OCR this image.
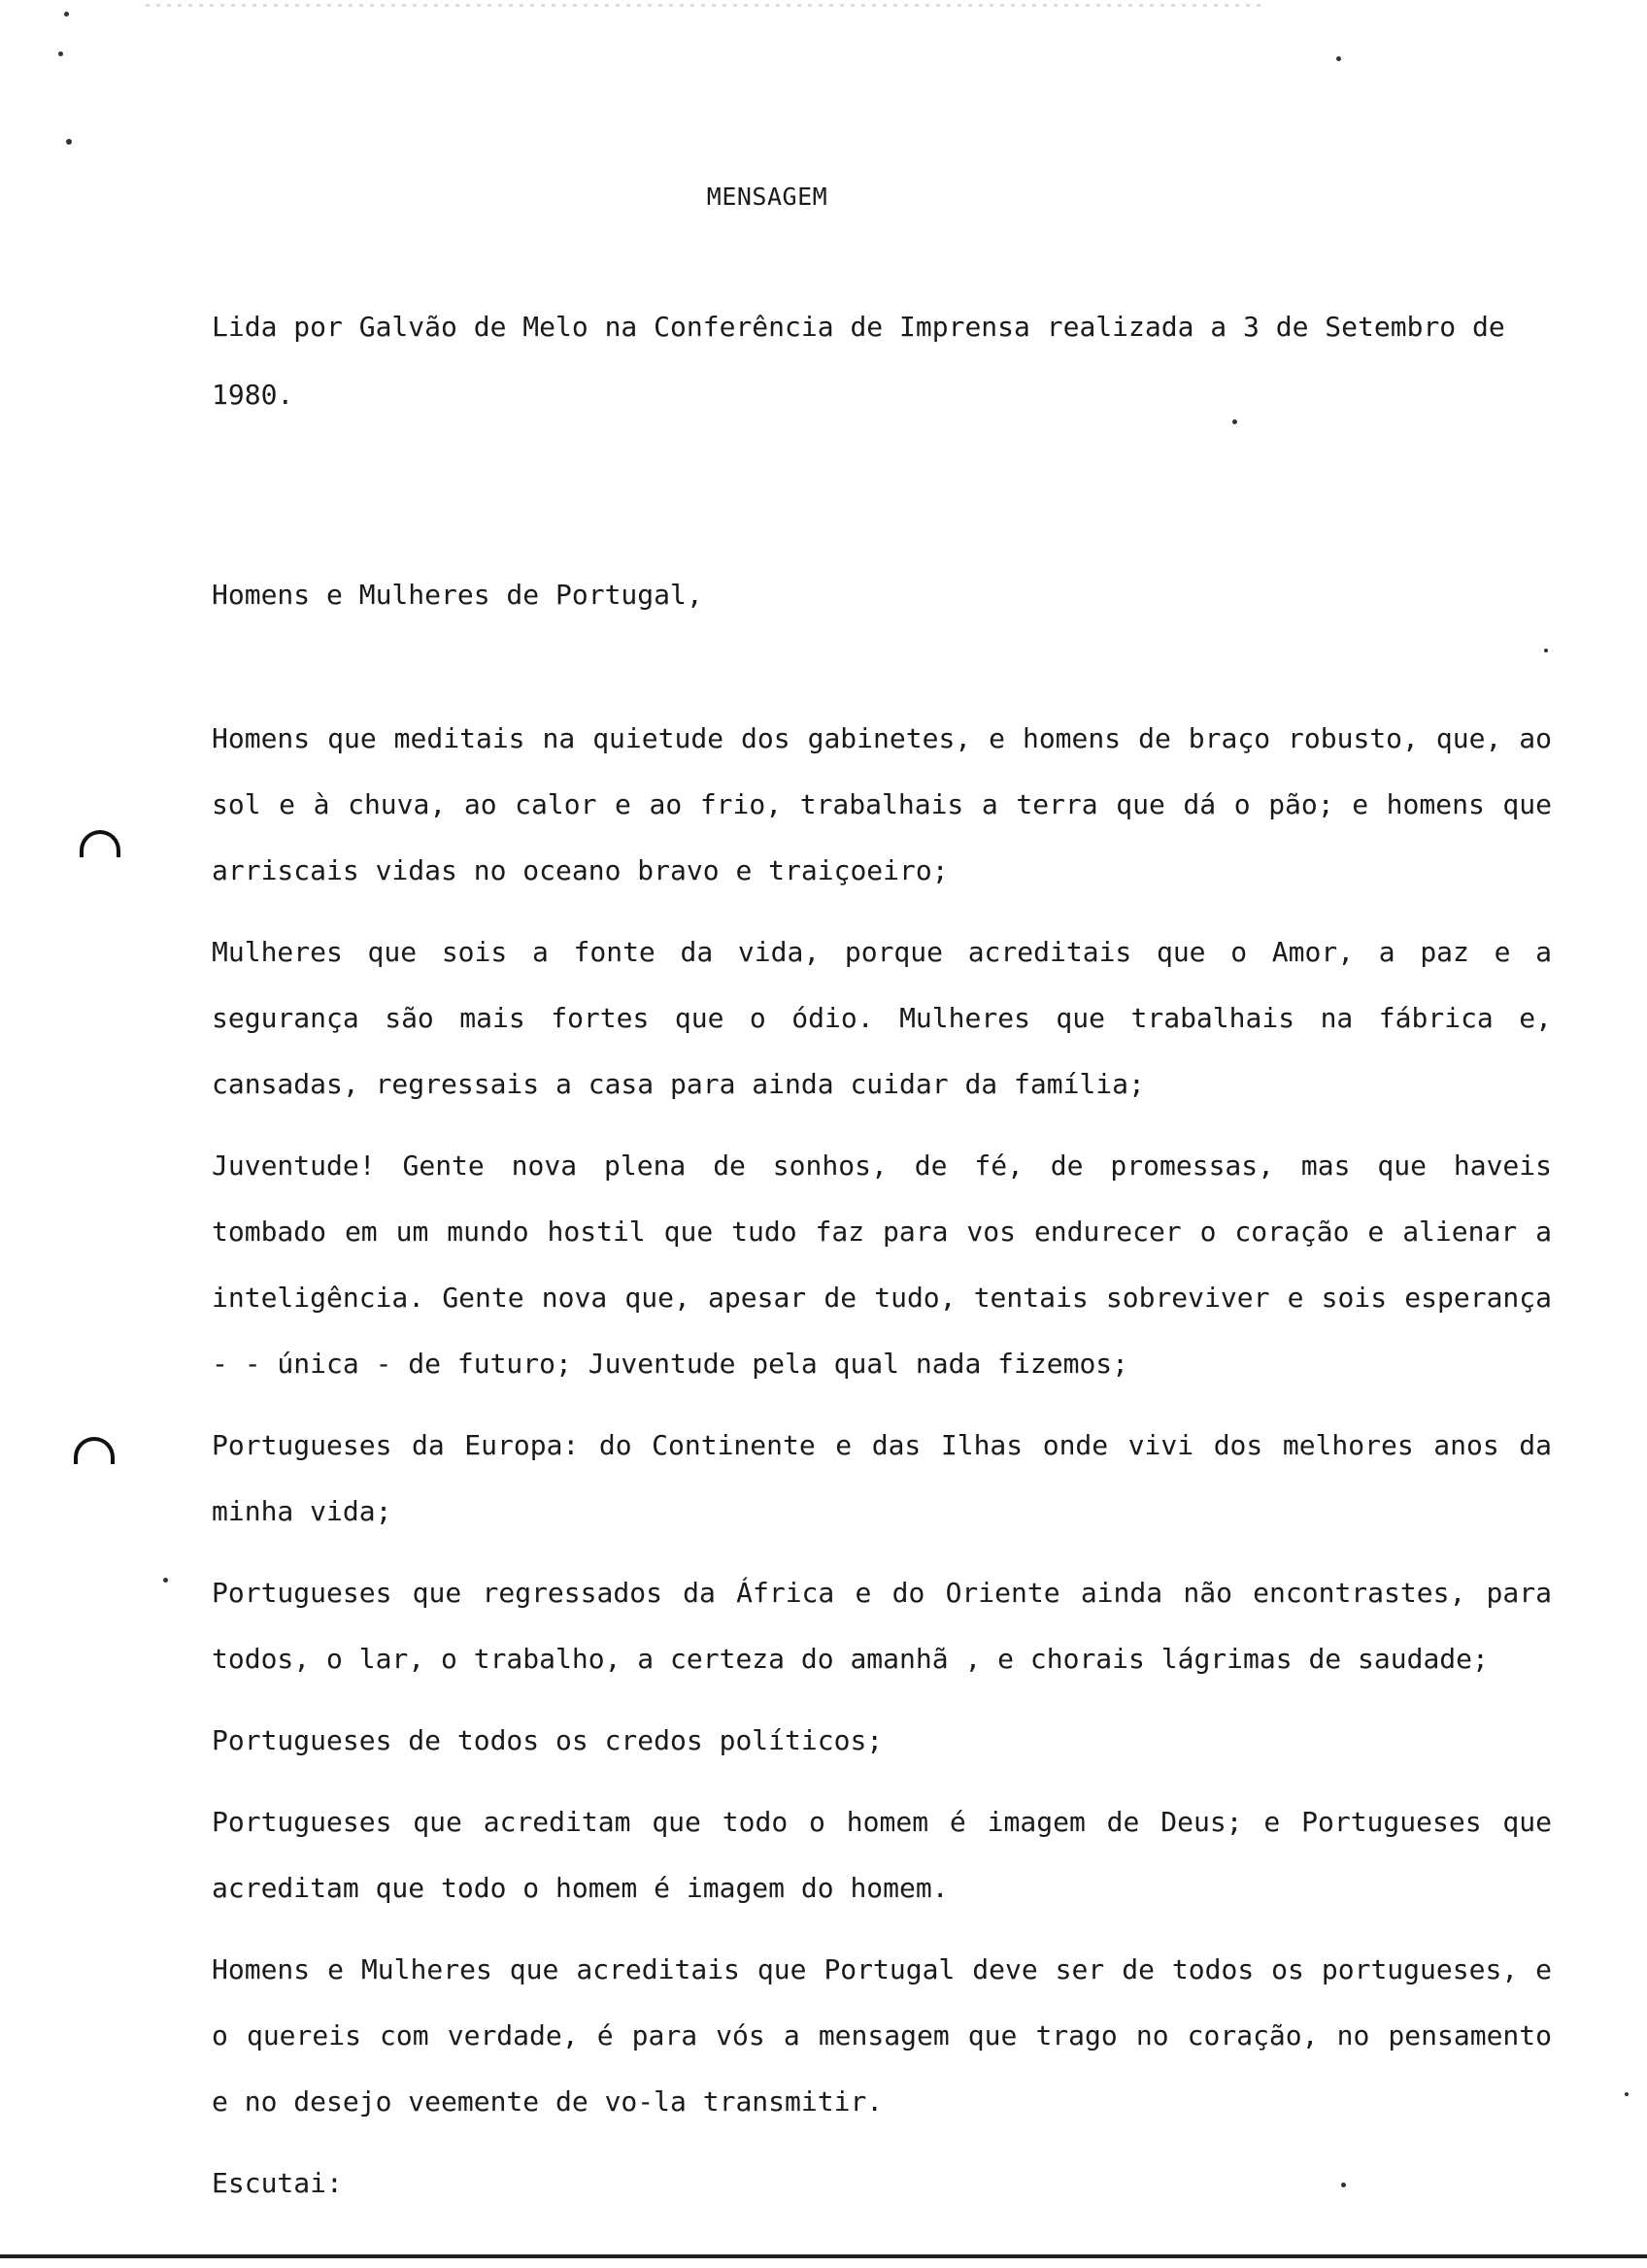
MENSAGEM
Lida por Galvão de Melo na Conferência de Imprensa realizada a 3 de Setembro de 1980.
Homens e Mulheres de Portugal,

Homens que meditais na quietude dos gabinetes, e homens de braço robusto, que, ao sol e à chuva, ao calor e ao frio, trabalhais a terra que dá o pão; e homens que arriscais vidas no oceano bravo e traiçoeiro;

Mulheres que sois a fonte da vida, porque acreditais que o Amor, a paz e a segurança são mais fortes que o ódio. Mulheres que trabalhais na fábrica e, cansadas, regressais a casa para ainda cuidar da família;

Juventude! Gente nova plena de sonhos, de fé, de promessas, mas que haveis tombado em um mundo hostil que tudo faz para vos endurecer o coração e alienar a inteligência. Gente nova que, apesar de tudo, tentais sobreviver e sois esperança - - única - de futuro; Juventude pela qual nada fizemos;

Portugueses da Europa: do Continente e das Ilhas onde vivi dos melhores anos da minha vida;

Portugueses que regressados da África e do Oriente ainda não encontrastes, para todos, o lar, o trabalho, a certeza do amanhã , e chorais lágrimas de saudade;

Portugueses de todos os credos políticos;

Portugueses que acreditam que todo o homem é imagem de Deus; e Portugueses que acreditam que todo o homem é imagem do homem.

Homens e Mulheres que acreditais que Portugal deve ser de todos os portugueses, e o quereis com verdade, é para vós a mensagem que trago no coração, no pensamento e no desejo veemente de vo-la transmitir.

Escutai:
